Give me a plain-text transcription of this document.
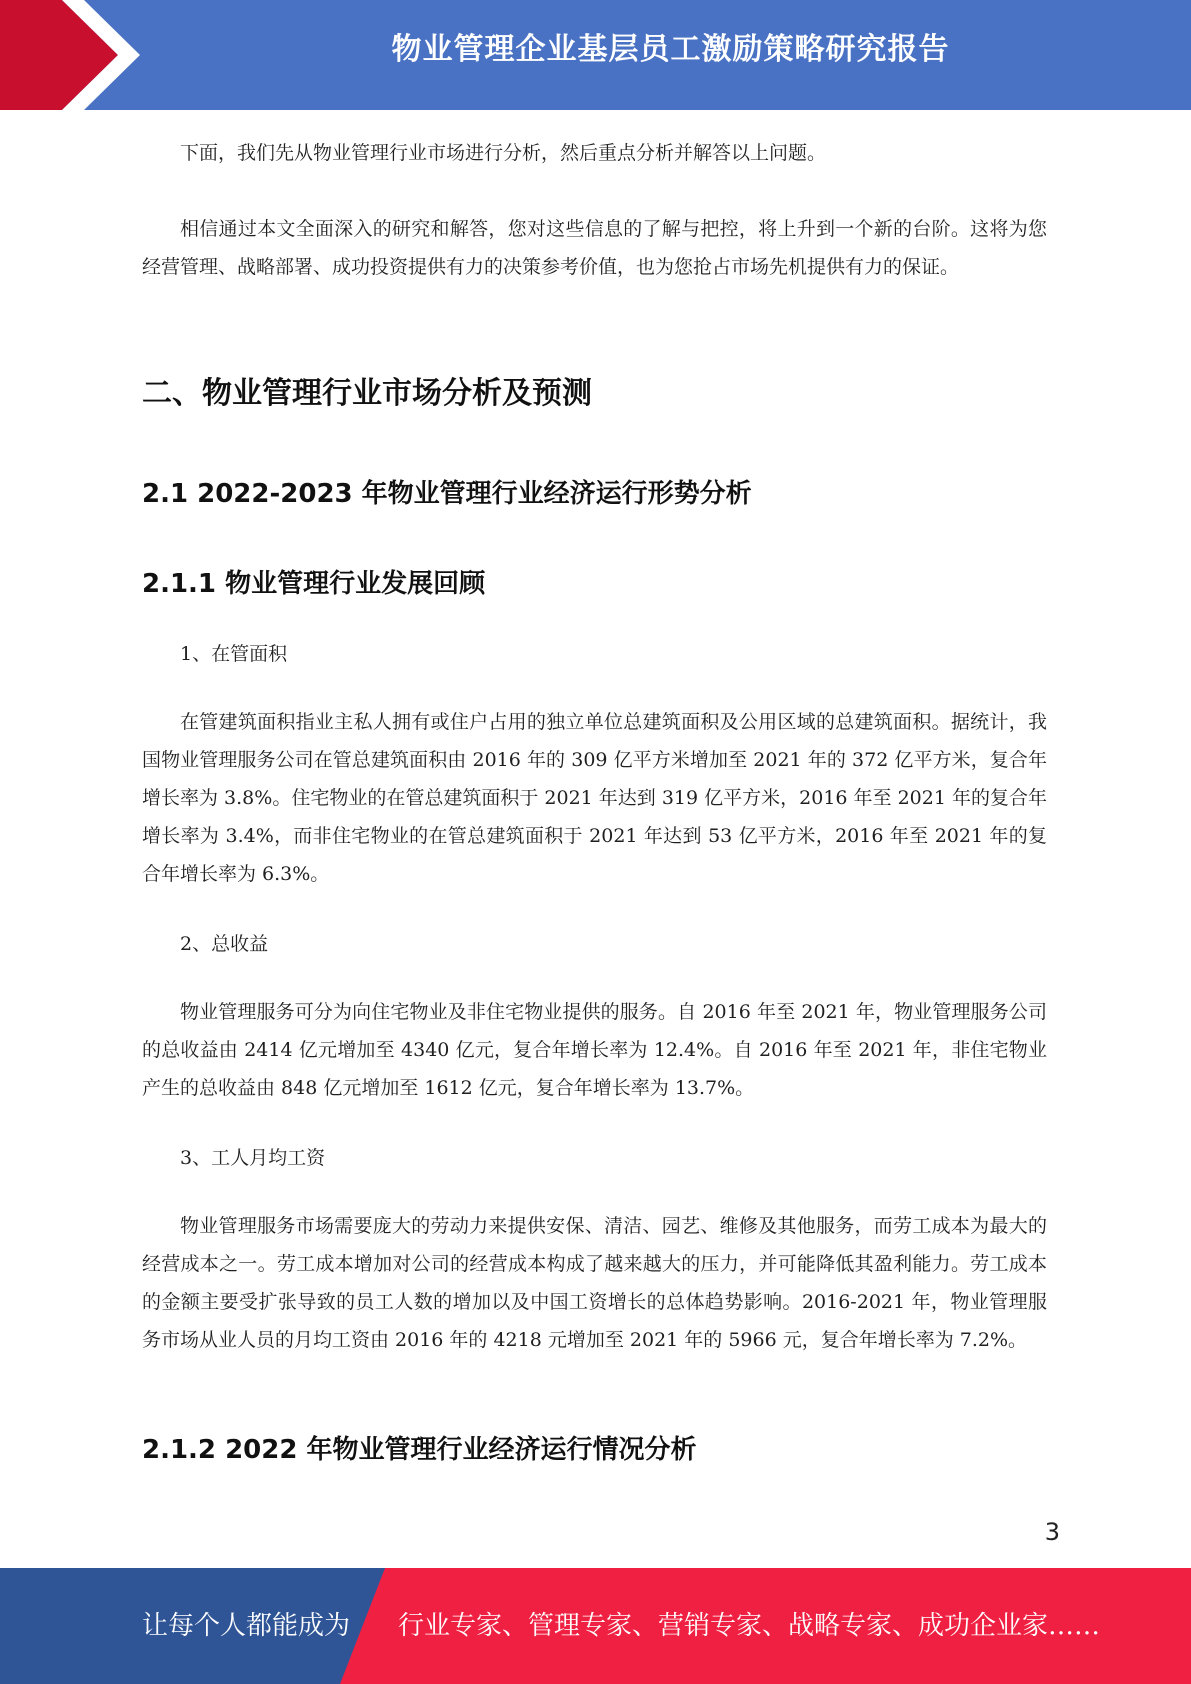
物业管理企业基层员工激励策略研究报告

下面，我们先从物业管理行业市场进行分析，然后重点分析并解答以上问题。

相信通过本文全面深入的研究和解答，您对这些信息的了解与把控，将上升到一个新的台阶。这将为您经营管理、战略部署、成功投资提供有力的决策参考价值，也为您抢占市场先机提供有力的保证。

二、物业管理行业市场分析及预测
2.1 2022-2023 年物业管理行业经济运行形势分析
2.1.1 物业管理行业发展回顾

1、在管面积

在管建筑面积指业主私人拥有或住户占用的独立单位总建筑面积及公用区域的总建筑面积。据统计，我国物业管理服务公司在管总建筑面积由 2016 年的 309 亿平方米增加至 2021 年的 372 亿平方米，复合年增长率为 3.8%。住宅物业的在管总建筑面积于 2021 年达到 319 亿平方米，2016 年至 2021 年的复合年增长率为 3.4%，而非住宅物业的在管总建筑面积于 2021 年达到 53 亿平方米，2016 年至 2021 年的复合年增长率为 6.3%。

2、总收益

物业管理服务可分为向住宅物业及非住宅物业提供的服务。自 2016 年至 2021 年，物业管理服务公司的总收益由 2414 亿元增加至 4340 亿元，复合年增长率为 12.4%。自 2016 年至 2021 年，非住宅物业产生的总收益由 848 亿元增加至 1612 亿元，复合年增长率为 13.7%。

3、工人月均工资

物业管理服务市场需要庞大的劳动力来提供安保、清洁、园艺、维修及其他服务，而劳工成本为最大的经营成本之一。劳工成本增加对公司的经营成本构成了越来越大的压力，并可能降低其盈利能力。劳工成本的金额主要受扩张导致的员工人数的增加以及中国工资增长的总体趋势影响。2016-2021 年，物业管理服务市场从业人员的月均工资由 2016 年的 4218 元增加至 2021 年的 5966 元，复合年增长率为 7.2%。

2.1.2 2022 年物业管理行业经济运行情况分析
3
让每个人都能成为 行业专家、管理专家、营销专家、战略专家、成功企业家……
